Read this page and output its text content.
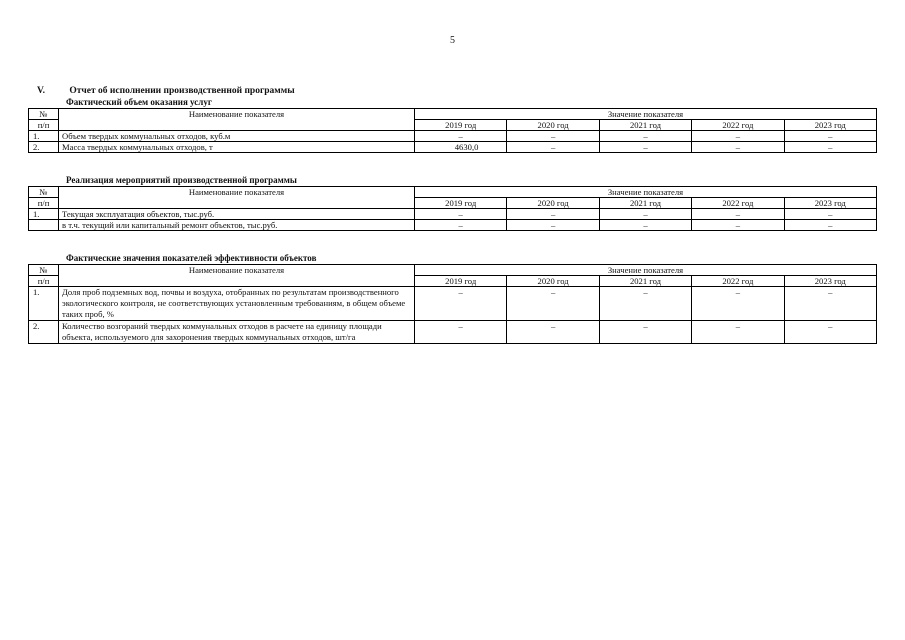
5
V.	Отчет об исполнении производственной программы
Фактический объем оказания услуг
№	Наименование показателя	Значение показателя				
п/п		2019 год	2020 год	2021 год	2022 год	2023 год
1.	Объем твердых коммунальных отходов, куб.м	–	–	–	–	–
2.	Масса твердых коммунальных отходов, т	4630,0	–	–	–	–
Реализация мероприятий производственной программы
№	Наименование показателя	Значение показателя				
п/п		2019 год	2020 год	2021 год	2022 год	2023 год
1.	Текущая эксплуатация объектов, тыс.руб.	–	–	–	–	–
	в т.ч. текущий или капитальный ремонт объектов, тыс.руб.	–	–	–	–	–
Фактические значения показателей эффективности объектов
№	Наименование показателя	Значение показателя				
п/п		2019 год	2020 год	2021 год	2022 год	2023 год
1.	Доля проб подземных вод, почвы и воздуха, отобранных по результатам производственного экологического контроля, не соответствующих установленным требованиям, в общем объеме таких проб, %	–	–	–	–	–
2.	Количество возгораний твердых коммунальных отходов в расчете на единицу площади объекта, используемого для захоронения твердых коммунальных отходов, шт/га	–	–	–	–	–
